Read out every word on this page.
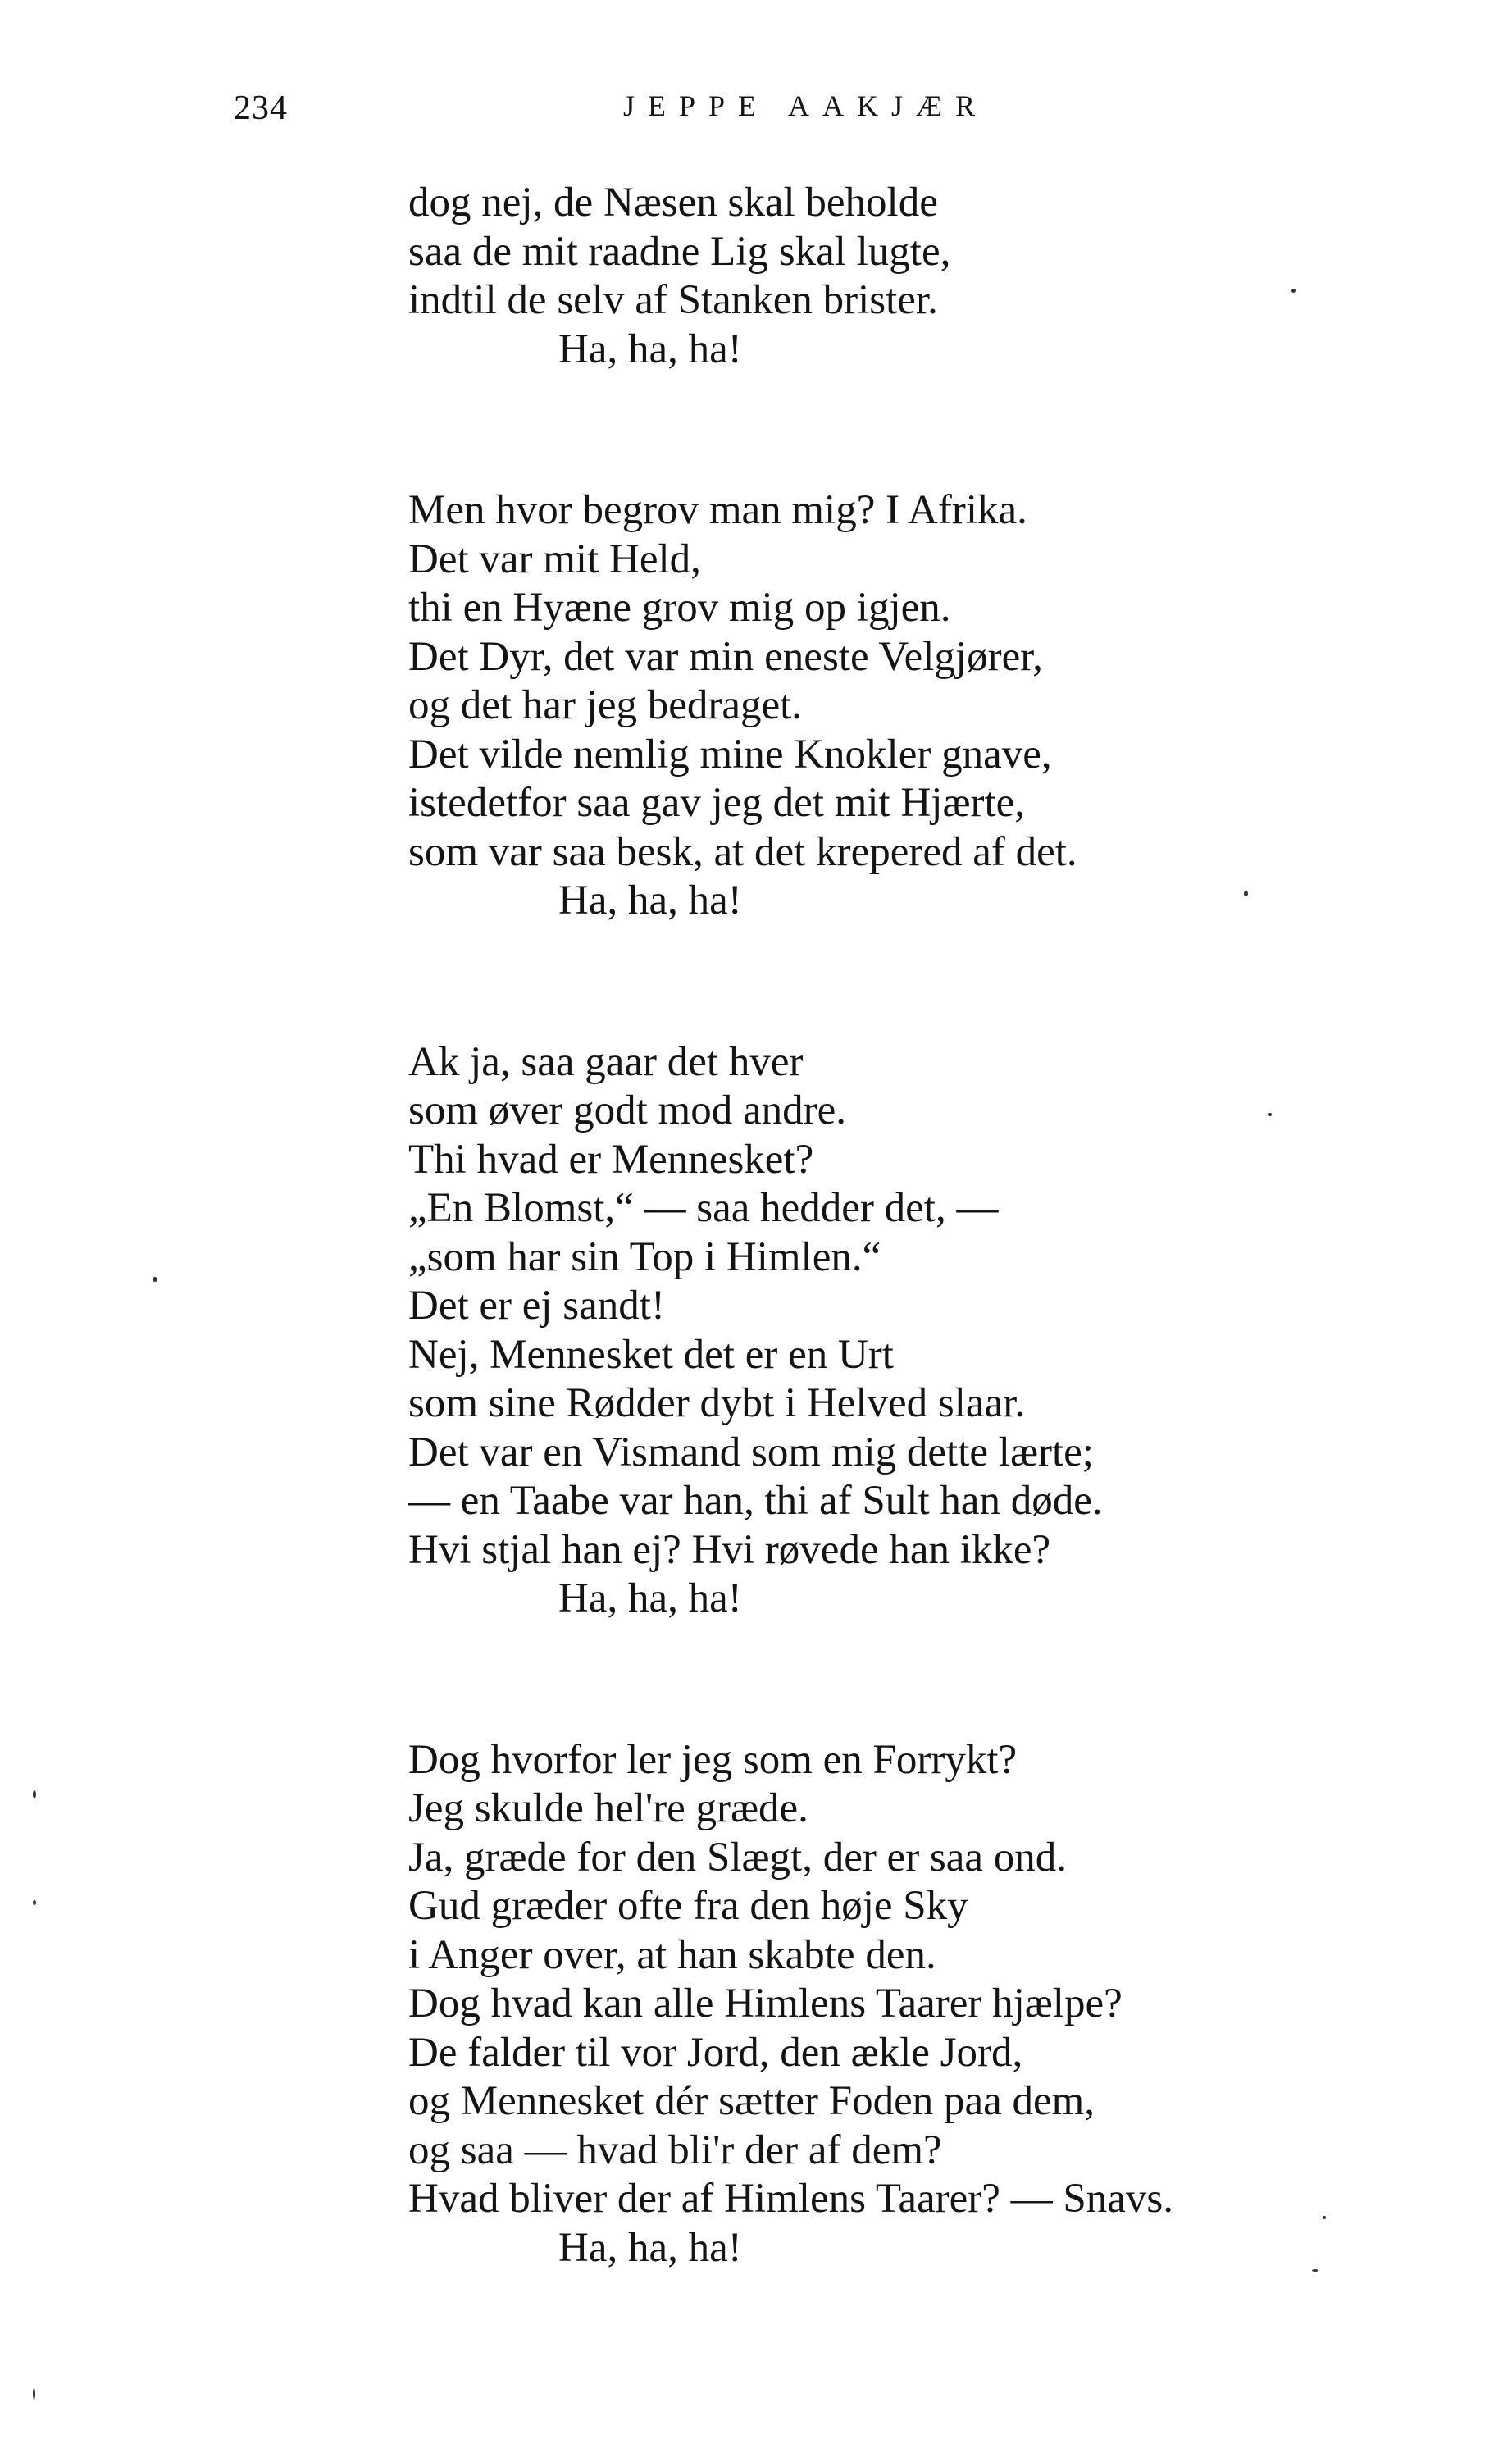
234	JEPPE AAKJÆR
dog nej, de Næsen skal beholde
saa de mit raadne Lig skal lugte,
indtil de selv af Stanken brister.
Ha, ha, ha!
Men hvor begrov man mig? I Afrika.
Det var mit Held,
thi en Hyæne grov mig op igjen.
Det Dyr, det var min eneste Velgjører,
og det har jeg bedraget.
Det vilde nemlig mine Knokler gnave,
istedetfor saa gav jeg det mit Hjærte,
som var saa besk, at det krepered af det.
Ha, ha, ha!
Ak ja, saa gaar det hver
som øver godt mod andre.
Thi hvad er Mennesket?
„En Blomst,“ — saa hedder det, —
„som har sin Top i Himlen.“
Det er ej sandt!
Nej, Mennesket det er en Urt
som sine Rødder dybt i Helved slaar.
Det var en Vismand som mig dette lærte;
— en Taabe var han, thi af Sult han døde.
Hvi stjal han ej? Hvi røvede han ikke?
Ha, ha, ha!
Dog hvorfor ler jeg som en Forrykt?
Jeg skulde hel're græde.
Ja, græde for den Slægt, der er saa ond.
Gud græder ofte fra den høje Sky
i Anger over, at han skabte den.
Dog hvad kan alle Himlens Taarer hjælpe?
De falder til vor Jord, den ækle Jord,
og Mennesket dér sætter Foden paa dem,
og saa — hvad bli'r der af dem?
Hvad bliver der af Himlens Taarer? — Snavs.
Ha, ha, ha!
